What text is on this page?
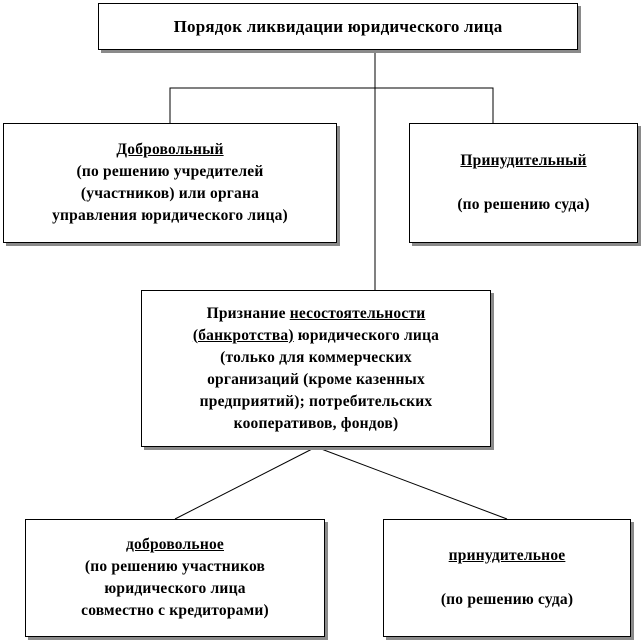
Порядок ликвидации юридического лица
Добровольный
(по решению учредителей
(участников) или органа
управления юридического лица)
Принудительный
(по решению суда)
Признание несостоятельности
(банкротства) юридического лица
(только для коммерческих
организаций (кроме казенных
предприятий); потребительских
кооперативов, фондов)
добровольное
(по решению участников
юридического лица
совместно с кредиторами)
принудительное
(по решению суда)
